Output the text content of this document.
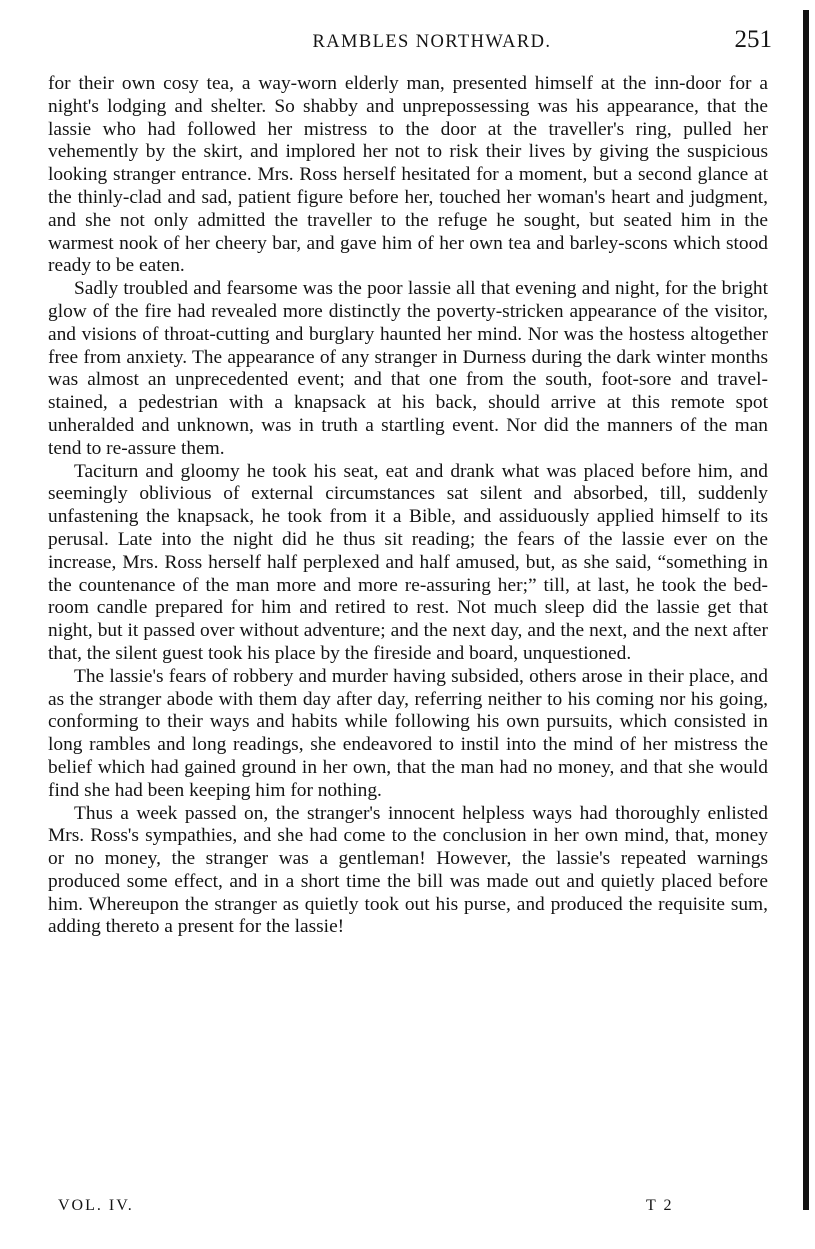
RAMBLES NORTHWARD.	251

for their own cosy tea, a way-worn elderly man, presented himself at the inn-door for a night's lodging and shelter. So shabby and unprepossessing was his appearance, that the lassie who had followed her mistress to the door at the traveller's ring, pulled her vehemently by the skirt, and implored her not to risk their lives by giving the suspicious looking stranger entrance. Mrs. Ross herself hesitated for a moment, but a second glance at the thinly-clad and sad, patient figure before her, touched her woman's heart and judgment, and she not only admitted the traveller to the refuge he sought, but seated him in the warmest nook of her cheery bar, and gave him of her own tea and barley-scons which stood ready to be eaten.

Sadly troubled and fearsome was the poor lassie all that evening and night, for the bright glow of the fire had revealed more distinctly the poverty-stricken appearance of the visitor, and visions of throat-cutting and burglary haunted her mind. Nor was the hostess altogether free from anxiety. The appearance of any stranger in Durness during the dark winter months was almost an unprecedented event; and that one from the south, foot-sore and travel-stained, a pedestrian with a knapsack at his back, should arrive at this remote spot unheralded and unknown, was in truth a startling event. Nor did the manners of the man tend to re-assure them.

Taciturn and gloomy he took his seat, eat and drank what was placed before him, and seemingly oblivious of external circumstances sat silent and absorbed, till, suddenly unfastening the knapsack, he took from it a Bible, and assiduously applied himself to its perusal. Late into the night did he thus sit reading; the fears of the lassie ever on the increase, Mrs. Ross herself half perplexed and half amused, but, as she said, “something in the countenance of the man more and more re-assuring her;” till, at last, he took the bed-room candle prepared for him and retired to rest. Not much sleep did the lassie get that night, but it passed over without adventure; and the next day, and the next, and the next after that, the silent guest took his place by the fireside and board, unquestioned.

The lassie's fears of robbery and murder having subsided, others arose in their place, and as the stranger abode with them day after day, referring neither to his coming nor his going, conforming to their ways and habits while following his own pursuits, which consisted in long rambles and long readings, she endeavored to instil into the mind of her mistress the belief which had gained ground in her own, that the man had no money, and that she would find she had been keeping him for nothing.

Thus a week passed on, the stranger's innocent helpless ways had thoroughly enlisted Mrs. Ross's sympathies, and she had come to the conclusion in her own mind, that, money or no money, the stranger was a gentleman! However, the lassie's repeated warnings produced some effect, and in a short time the bill was made out and quietly placed before him. Whereupon the stranger as quietly took out his purse, and produced the requisite sum, adding thereto a present for the lassie!

VOL. IV.	T 2
